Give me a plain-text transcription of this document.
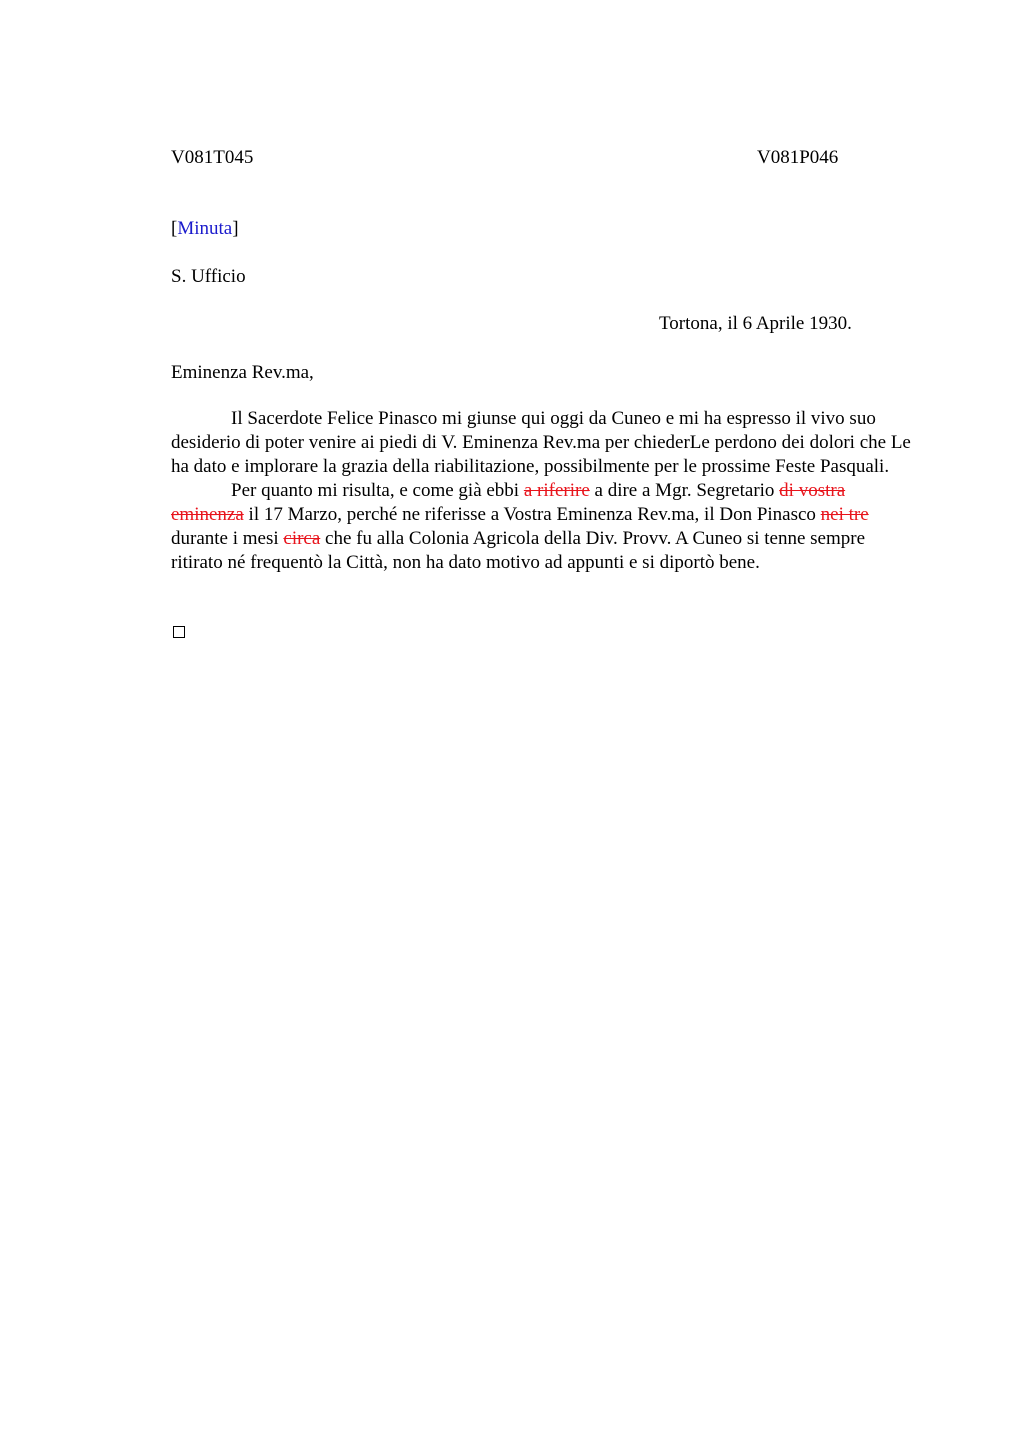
V081T045	V081P046
[Minuta]
S. Ufficio
Tortona, il 6 Aprile 1930.
Eminenza Rev.ma,

Il Sacerdote Felice Pinasco mi giunse qui oggi da Cuneo e mi ha espresso il vivo suo desiderio di poter venire ai piedi di V. Eminenza Rev.ma per chiederLe perdono dei dolori che Le ha dato e implorare la grazia della riabilitazione, possibilmente per le prossime Feste Pasquali.

Per quanto mi risulta, e come già ebbi a riferire a dire a Mgr. Segretario di vostra eminenza il 17 Marzo, perché ne riferisse a Vostra Eminenza Rev.ma, il Don Pinasco nei tre durante i mesi circa che fu alla Colonia Agricola della Div. Provv. A Cuneo si tenne sempre ritirato né frequentò la Città, non ha dato motivo ad appunti e si diportò bene.
